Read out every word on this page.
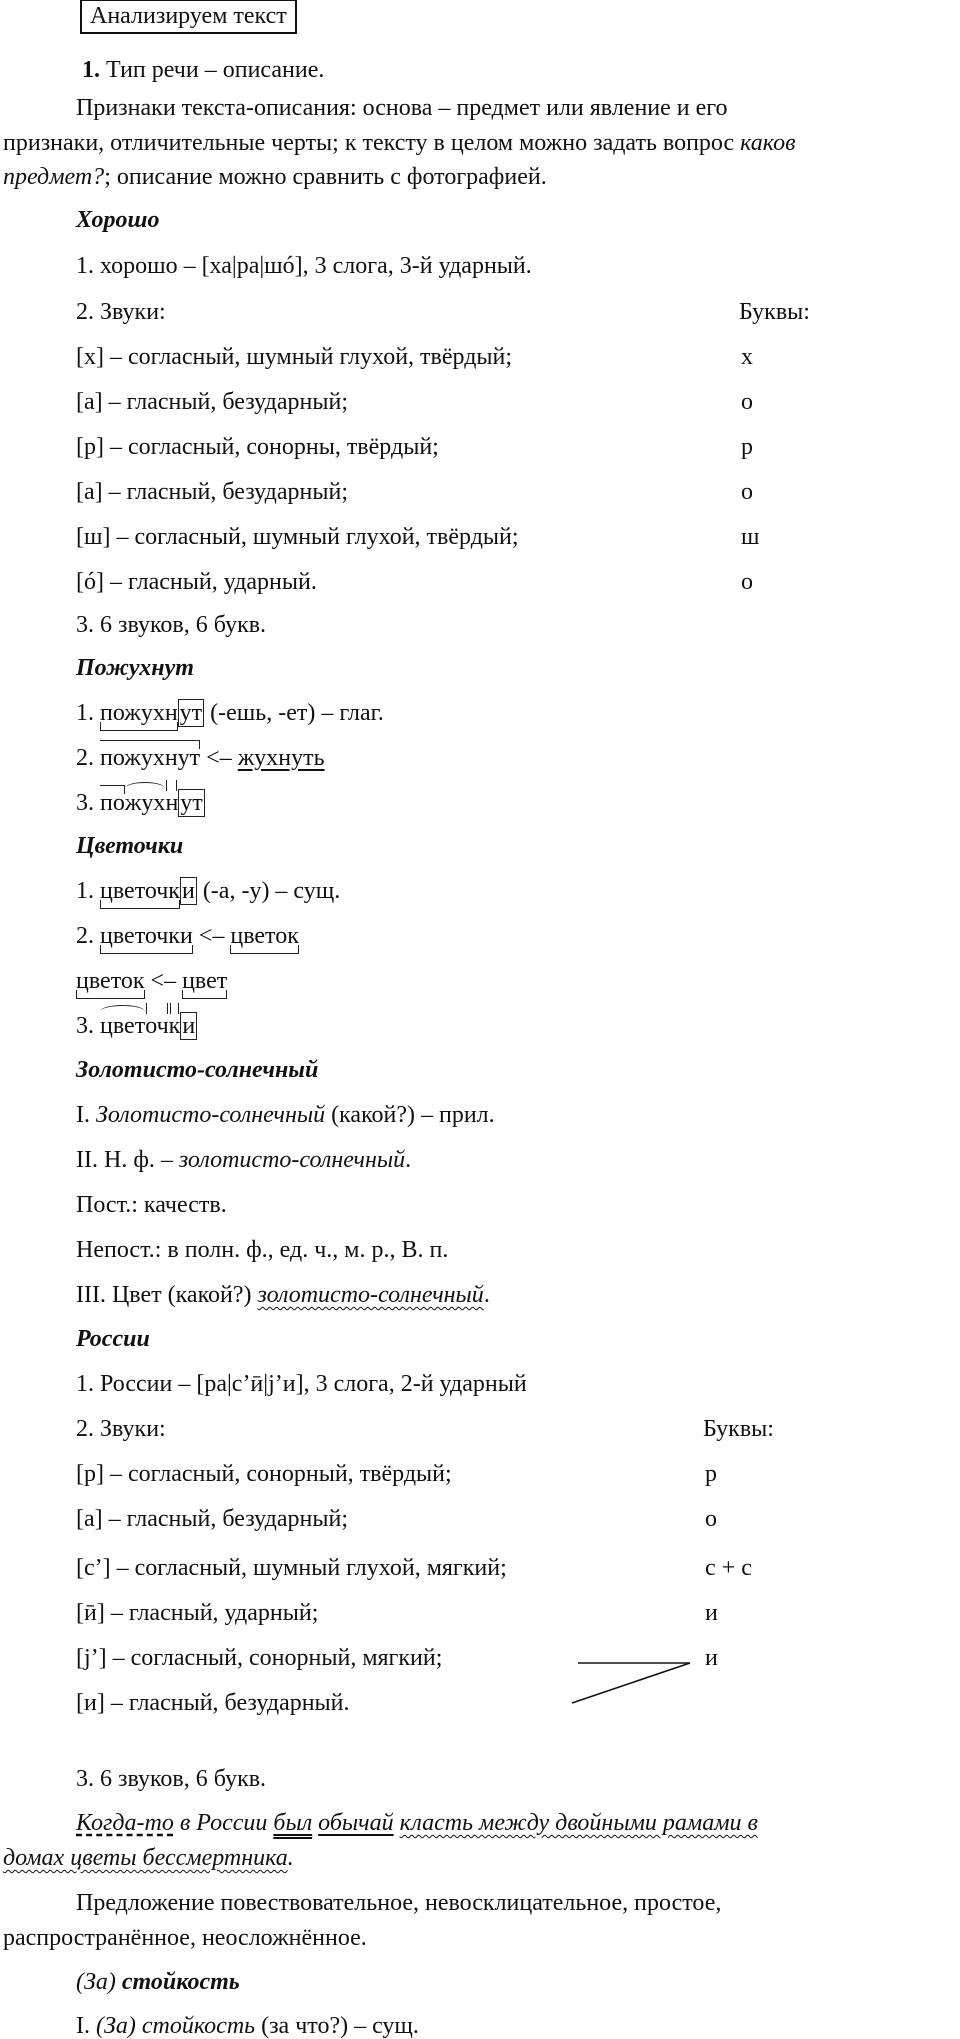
Анализируем текст
1. Тип речи – описание.
Признаки текста-описания: основа – предмет или явление и его
признаки, отличительные черты; к тексту в целом можно задать вопрос каков
предмет?; описание можно сравнить с фотографией.
Хорошо
1. хорошо – [ха|ра|шó], 3 слога, 3-й ударный.
2. Звуки:	Буквы:
[х] – согласный, шумный глухой, твёрдый;	х
[а] – гласный, безударный;	о
[р] – согласный, сонорны, твёрдый;	р
[а] – гласный, безударный;	о
[ш] – согласный, шумный глухой, твёрдый;	ш
[ó] – гласный, ударный.	о
3. 6 звуков, 6 букв.
Пожухнут
1. пожухнут (-ешь, -ет) – глаг.
2. пожухнут <– жухнуть
3. пожухнут
Цветочки
1. цветочки (-а, -у) – сущ.
2. цветочки <– цветок
цветок <– цвет
3. цветочки
Золотисто-солнечный
I. Золотисто-солнечный (какой?) – прил.
II. Н. ф. – золотисто-солнечный.
Пост.: качеств.
Непост.: в полн. ф., ед. ч., м. р., В. п.
III. Цвет (какой?) золотисто-солнечный.
России
1. России – [ра|с’ӣ|j’и], 3 слога, 2-й ударный
2. Звуки:	Буквы:
[р] – согласный, сонорный, твёрдый;	р
[а] – гласный, безударный;	о
[с’] – согласный, шумный глухой, мягкий;	с + с
[ӣ] – гласный, ударный;	и
[j’] – согласный, сонорный, мягкий;	и
[и] – гласный, безударный.
3. 6 звуков, 6 букв.
Когда-то в России был обычай класть между двойными рамами в
домах цветы бессмертника.
Предложение повествовательное, невосклицательное, простое,
распространённое, неосложнённое.
(За) стойкость
I. (За) стойкость (за что?) – сущ.
